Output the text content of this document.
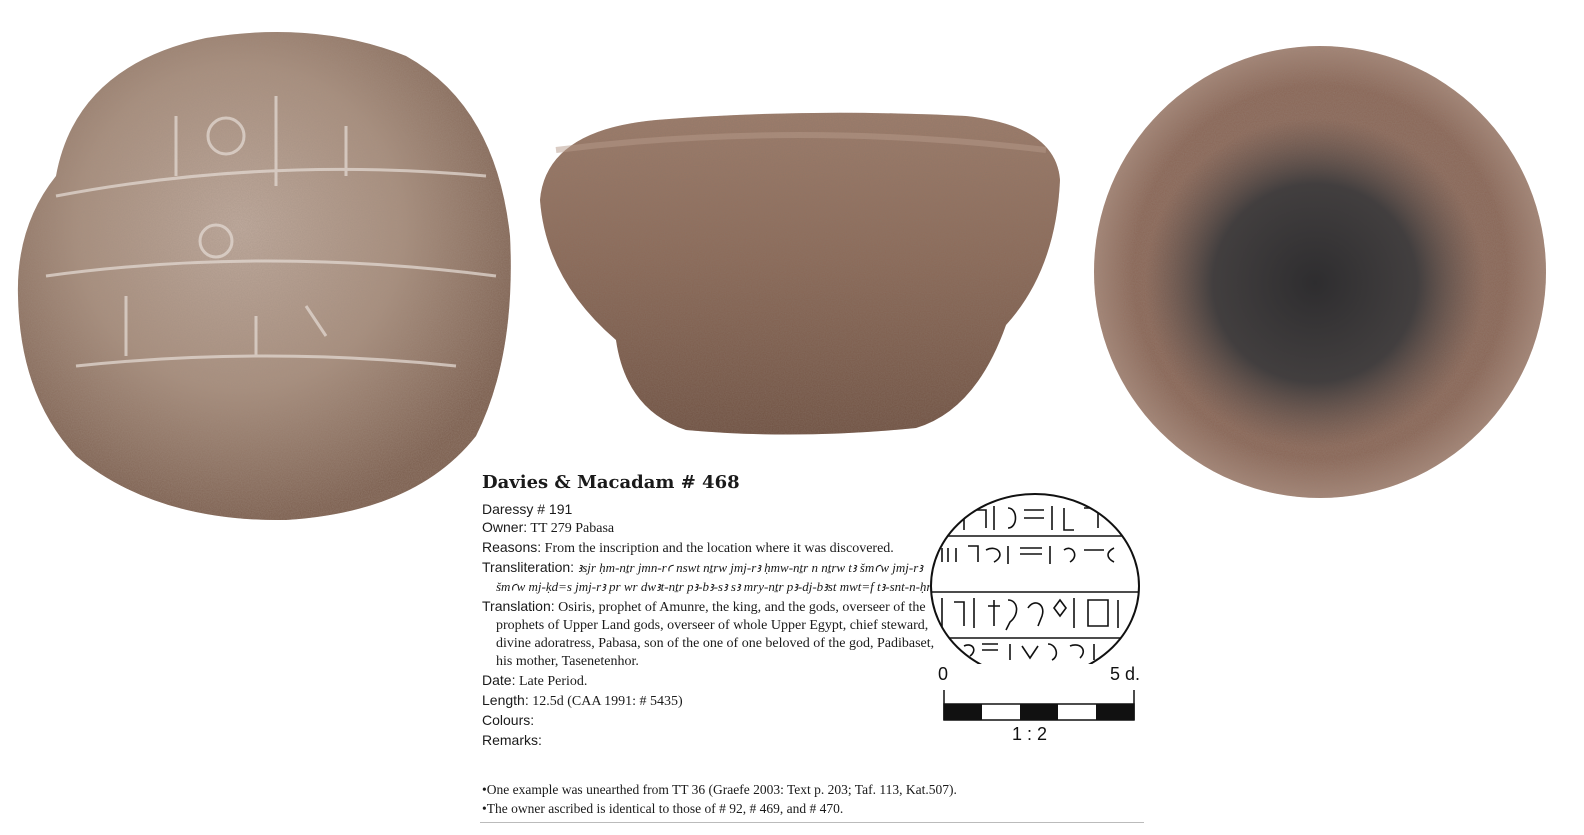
Davies & Macadam # 468

Daressy # 191

Owner: TT 279 Pabasa

Reasons: From the inscription and the location where it was discovered.

Transliteration: ꜣsjr ḥm-nṯr jmn-rꜥ nswt nṯrw jmj-rꜣ ḥmw-nṯr n nṯrw tꜣ šmꜥw jmj-rꜣ šmꜥw mj-ḳd=s jmj-rꜣ pr wr dwꜣt-nṯr pꜣ-bꜣ-sꜣ sꜣ mry-nṯr pꜣ-dj-bꜣst mwt=f tꜣ-snt-n-ḥr

Translation: Osiris, prophet of Amunre, the king, and the gods, overseer of the prophets of Upper Land gods, overseer of whole Upper Egypt, chief steward, divine adoratress, Pabasa, son of the one of one beloved of the god, Padibaset, his mother, Tasenetenhor.

Date: Late Period.

Length: 12.5d (CAA 1991: # 5435)

Colours:

Remarks:

•One example was unearthed from TT 36 (Graefe 2003: Text p. 203; Taf. 113, Kat.507).

•The owner ascribed is identical to those of # 92, # 469, and # 470.

0	5 d.
1 : 2
